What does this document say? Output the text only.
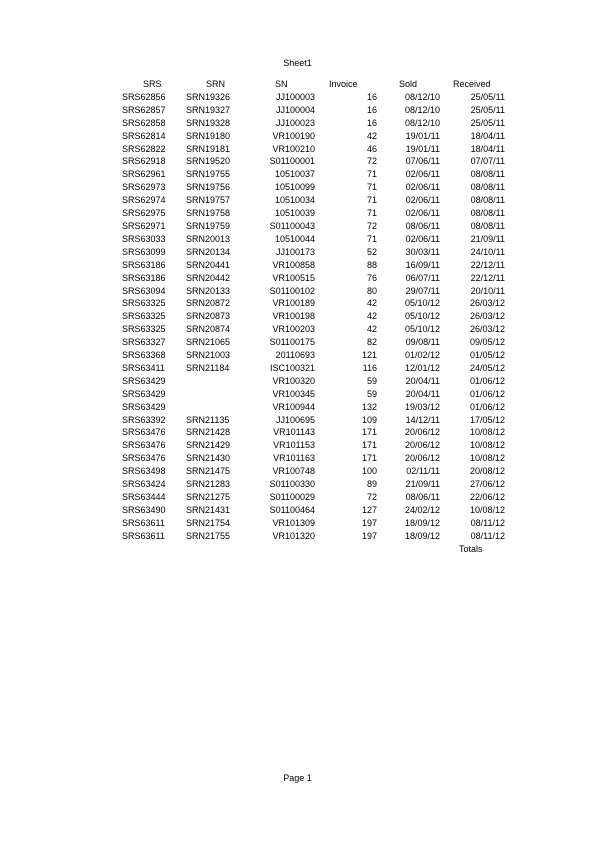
Sheet1
SRS	SRN	SN	Invoice	Sold	Received
SRS62856	SRN19326	JJ100003	16	08/12/10	25/05/11
SRS62857	SRN19327	JJ100004	16	08/12/10	25/05/11
SRS62858	SRN19328	JJ100023	16	08/12/10	25/05/11
SRS62814	SRN19180	VR100190	42	19/01/11	18/04/11
SRS62822	SRN19181	VR100210	46	19/01/11	18/04/11
SRS62918	SRN19520	S01100001	72	07/06/11	07/07/11
SRS62961	SRN19755	10510037	71	02/06/11	08/08/11
SRS62973	SRN19756	10510099	71	02/06/11	08/08/11
SRS62974	SRN19757	10510034	71	02/06/11	08/08/11
SRS62975	SRN19758	10510039	71	02/06/11	08/08/11
SRS62971	SRN19759	S01100043	72	08/06/11	08/08/11
SRS63033	SRN20013	10510044	71	02/06/11	21/09/11
SRS63099	SRN20134	JJ100173	52	30/03/11	24/10/11
SRS63186	SRN20441	VR100858	88	16/09/11	22/12/11
SRS63186	SRN20442	VR100515	76	06/07/11	22/12/11
SRS63094	SRN20133	S01100102	80	29/07/11	20/10/11
SRS63325	SRN20872	VR100189	42	05/10/12	26/03/12
SRS63325	SRN20873	VR100198	42	05/10/12	26/03/12
SRS63325	SRN20874	VR100203	42	05/10/12	26/03/12
SRS63327	SRN21065	S01100175	82	09/08/11	09/05/12
SRS63368	SRN21003	20110693	121	01/02/12	01/05/12
SRS63411	SRN21184	ISC100321	116	12/01/12	24/05/12
SRS63429		VR100320	59	20/04/11	01/06/12
SRS63429		VR100345	59	20/04/11	01/06/12
SRS63429		VR100944	132	19/03/12	01/06/12
SRS63392	SRN21135	JJ100695	109	14/12/11	17/05/12
SRS63476	SRN21428	VR101143	171	20/06/12	10/08/12
SRS63476	SRN21429	VR101153	171	20/06/12	10/08/12
SRS63476	SRN21430	VR101163	171	20/06/12	10/08/12
SRS63498	SRN21475	VR100748	100	02/11/11	20/08/12
SRS63424	SRN21283	S01100330	89	21/09/11	27/06/12
SRS63444	SRN21275	S01100029	72	08/06/11	22/06/12
SRS63490	SRN21431	S01100464	127	24/02/12	10/08/12
SRS63611	SRN21754	VR101309	197	18/09/12	08/11/12
SRS63611	SRN21755	VR101320	197	18/09/12	08/11/12
					Totals
Page 1
